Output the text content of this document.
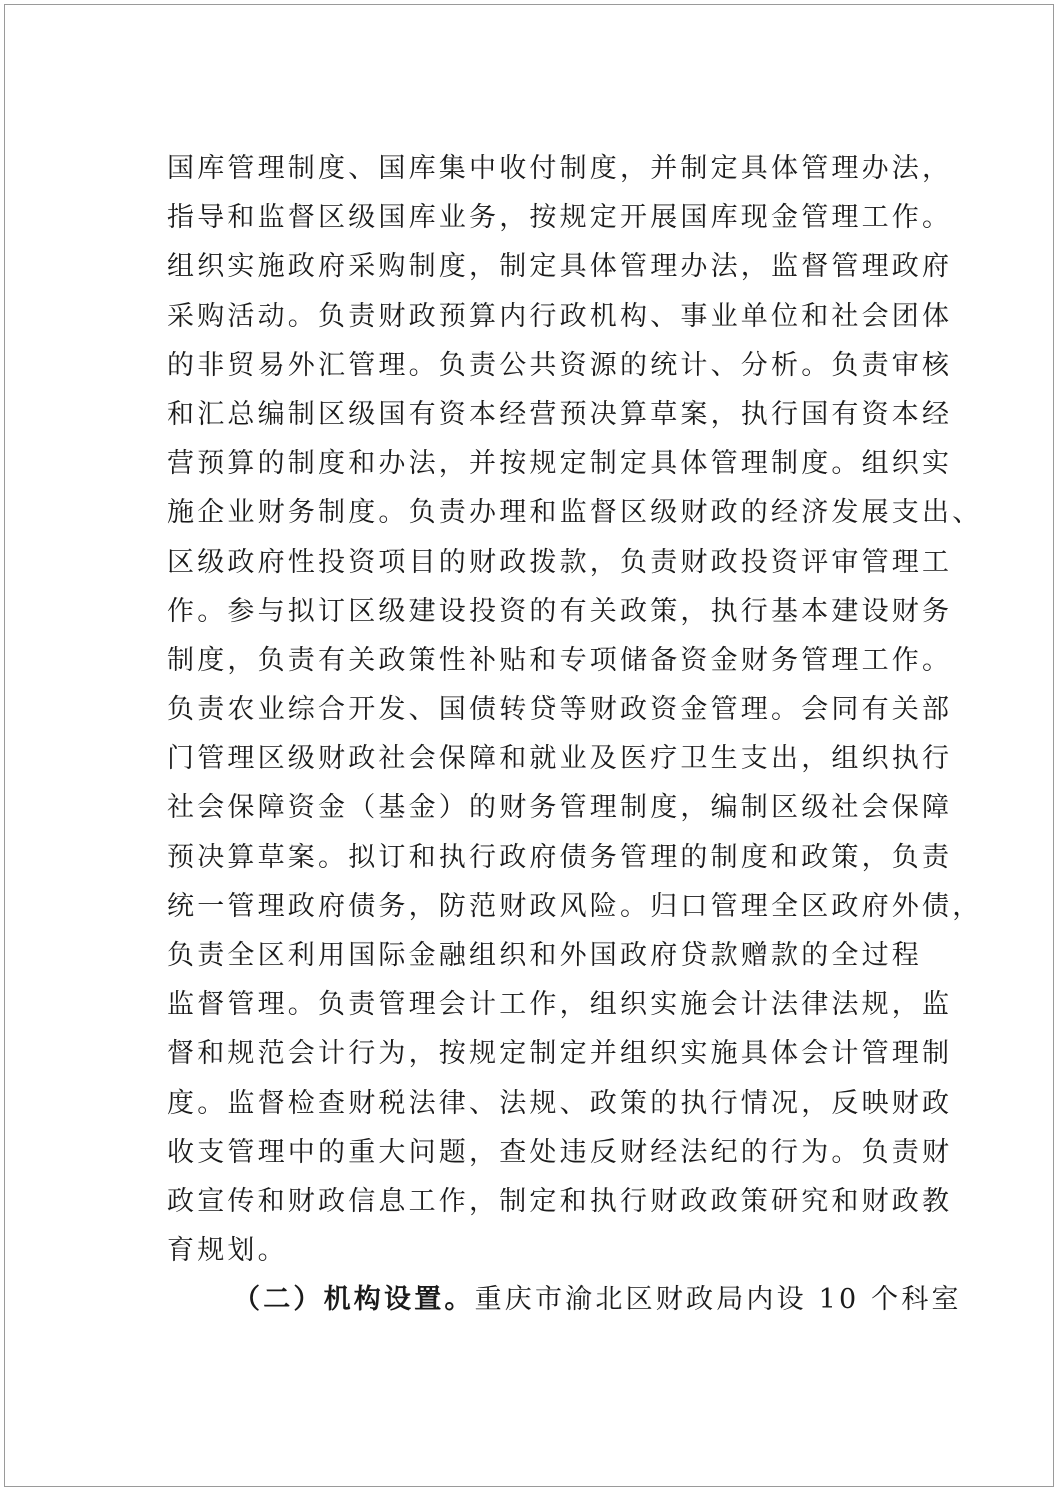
国库管理制度、国库集中收付制度，并制定具体管理办法，
指导和监督区级国库业务，按规定开展国库现金管理工作。
组织实施政府采购制度，制定具体管理办法，监督管理政府
采购活动。负责财政预算内行政机构、事业单位和社会团体
的非贸易外汇管理。负责公共资源的统计、分析。负责审核
和汇总编制区级国有资本经营预决算草案，执行国有资本经
营预算的制度和办法，并按规定制定具体管理制度。组织实
施企业财务制度。负责办理和监督区级财政的经济发展支出、
区级政府性投资项目的财政拨款，负责财政投资评审管理工
作。参与拟订区级建设投资的有关政策，执行基本建设财务
制度，负责有关政策性补贴和专项储备资金财务管理工作。
负责农业综合开发、国债转贷等财政资金管理。会同有关部
门管理区级财政社会保障和就业及医疗卫生支出，组织执行
社会保障资金（基金）的财务管理制度，编制区级社会保障
预决算草案。拟订和执行政府债务管理的制度和政策，负责
统一管理政府债务，防范财政风险。归口管理全区政府外债，
负责全区利用国际金融组织和外国政府贷款赠款的全过程
监督管理。负责管理会计工作，组织实施会计法律法规，监
督和规范会计行为，按规定制定并组织实施具体会计管理制
度。监督检查财税法律、法规、政策的执行情况，反映财政
收支管理中的重大问题，查处违反财经法纪的行为。负责财
政宣传和财政信息工作，制定和执行财政政策研究和财政教
育规划。
（二）机构设置。重庆市渝北区财政局内设 10 个科室
